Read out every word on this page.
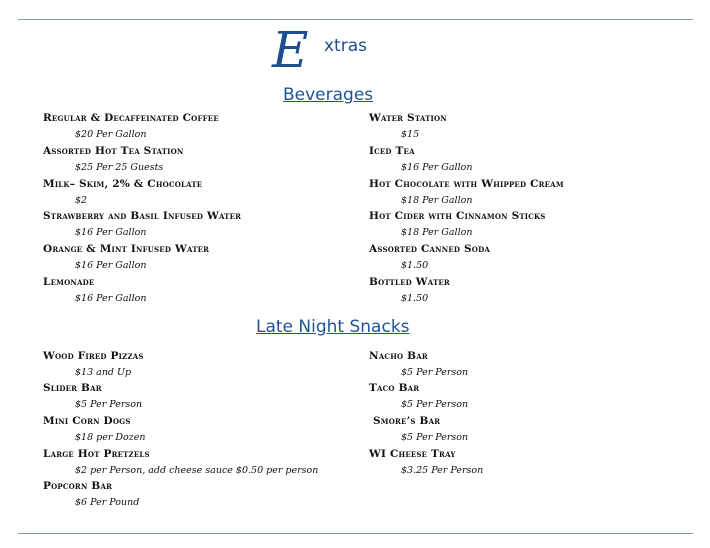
E xtras
Beverages
Regular & Decaffeinated Coffee
$20 Per Gallon
Assorted Hot Tea Station
$25 Per 25 Guests
Milk– Skim, 2% & Chocolate
$2
Strawberry and Basil Infused Water
$16 Per Gallon
Orange & Mint Infused Water
$16 Per Gallon
Lemonade
$16 Per Gallon
Water Station
$15
Iced Tea
$16 Per Gallon
Hot Chocolate with Whipped Cream
$18 Per Gallon
Hot Cider with Cinnamon Sticks
$18 Per Gallon
Assorted Canned Soda
$1.50
Bottled Water
$1.50
Late Night Snacks
Wood Fired Pizzas
$13 and Up
Slider Bar
$5 Per Person
Mini Corn Dogs
$18 per Dozen
Large Hot Pretzels
$2 per Person, add cheese sauce $0.50 per person
Popcorn Bar
$6 Per Pound
Nacho Bar
$5 Per Person
Taco Bar
$5 Per Person
Smore’s Bar
$5 Per Person
WI Cheese Tray
$3.25 Per Person
